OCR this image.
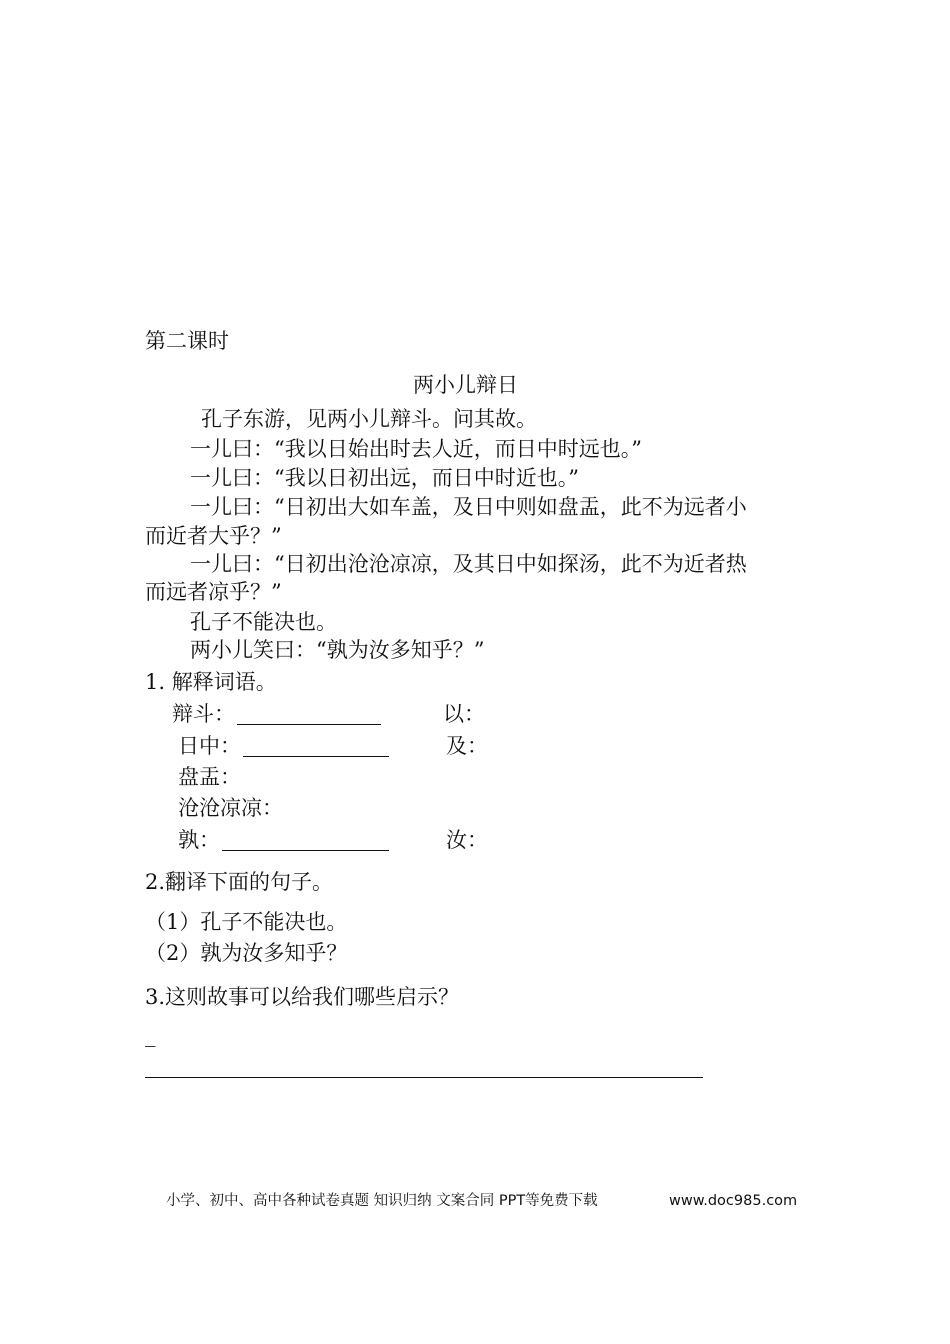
第二课时
两小儿辩日
孔子东游，见两小儿辩斗。问其故。
一儿曰：“我以日始出时去人近，而日中时远也。”
一儿曰：“我以日初出远，而日中时近也。”
一儿曰：“日初出大如车盖，及日中则如盘盂，此不为远者小
而近者大乎？”
一儿曰：“日初出沧沧凉凉，及其日中如探汤，此不为近者热
而远者凉乎？”
孔子不能决也。
两小儿笑曰：“孰为汝多知乎？”
1. 解释词语。
辩斗：	以：
日中：	及：
盘盂：
沧沧凉凉：
孰：	汝：
2.翻译下面的句子。
（1）孔子不能决也。
（2）孰为汝多知乎？
3.这则故事可以给我们哪些启示？
_
小学、初中、高中各种试卷真题 知识归纳 文案合同 PPT等免费下载	www.doc985.com
